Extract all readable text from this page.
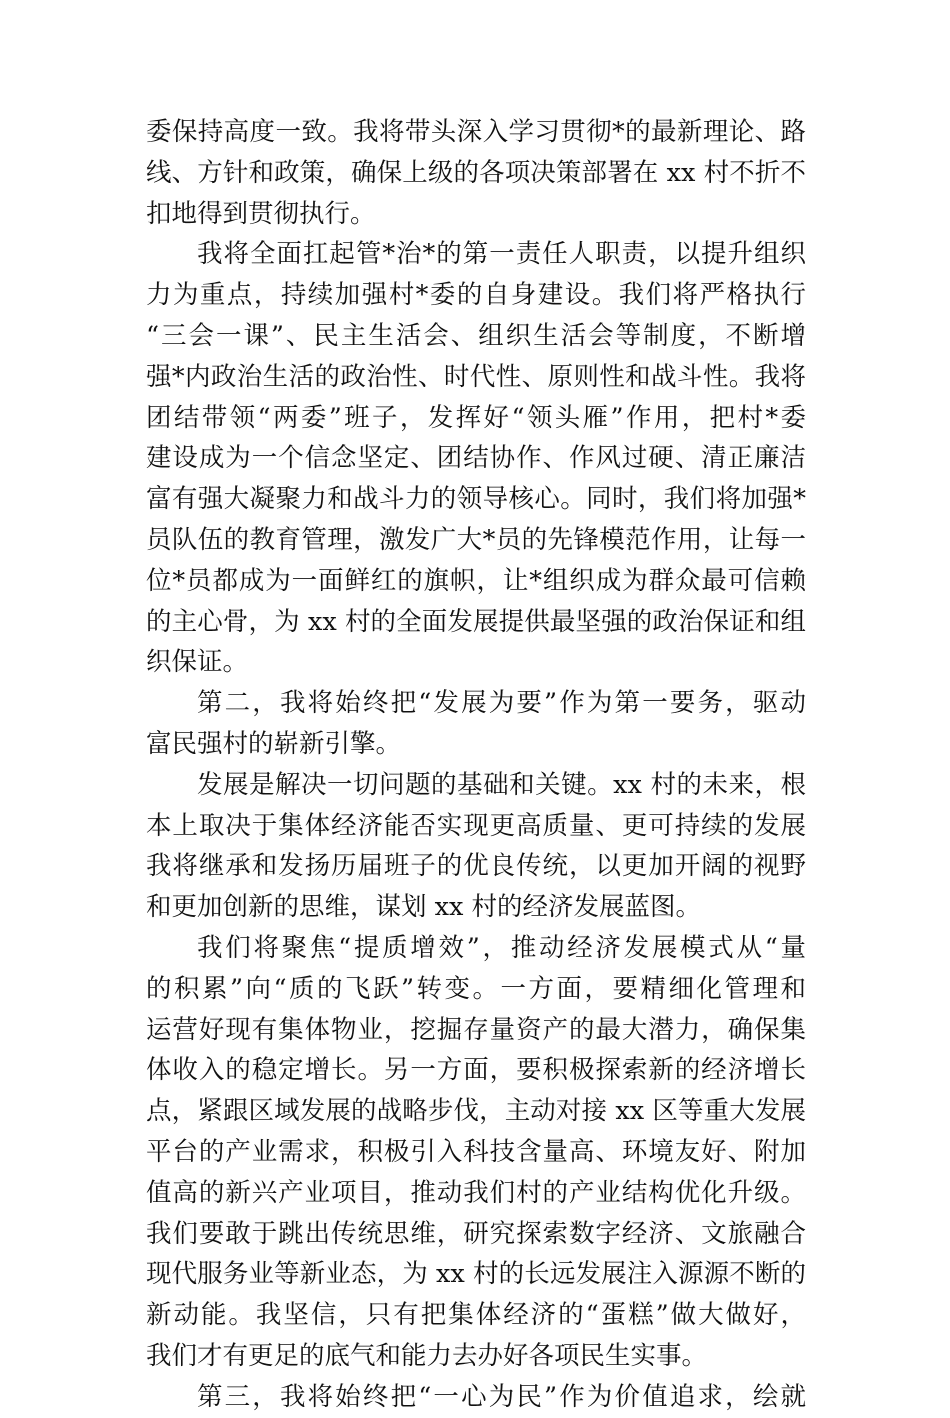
委保持高度一致。我将带头深入学习贯彻*的最新理论、路
线、方针和政策，确保上级的各项决策部署在 xx 村不折不
扣地得到贯彻执行。
我将全面扛起管*治*的第一责任人职责，以提升组织
力为重点，持续加强村*委的自身建设。我们将严格执行
“三会一课”、民主生活会、组织生活会等制度，不断增
强*内政治生活的政治性、时代性、原则性和战斗性。我将
团结带领“两委”班子，发挥好“领头雁”作用，把村*委
建设成为一个信念坚定、团结协作、作风过硬、清正廉洁
富有强大凝聚力和战斗力的领导核心。同时，我们将加强*
员队伍的教育管理，激发广大*员的先锋模范作用，让每一
位*员都成为一面鲜红的旗帜，让*组织成为群众最可信赖
的主心骨，为 xx 村的全面发展提供最坚强的政治保证和组
织保证。
第二，我将始终把“发展为要”作为第一要务，驱动
富民强村的崭新引擎。
发展是解决一切问题的基础和关键。xx 村的未来，根
本上取决于集体经济能否实现更高质量、更可持续的发展
我将继承和发扬历届班子的优良传统，以更加开阔的视野
和更加创新的思维，谋划 xx 村的经济发展蓝图。
我们将聚焦“提质增效”，推动经济发展模式从“量
的积累”向“质的飞跃”转变。一方面，要精细化管理和
运营好现有集体物业，挖掘存量资产的最大潜力，确保集
体收入的稳定增长。另一方面，要积极探索新的经济增长
点，紧跟区域发展的战略步伐，主动对接 xx 区等重大发展
平台的产业需求，积极引入科技含量高、环境友好、附加
值高的新兴产业项目，推动我们村的产业结构优化升级。
我们要敢于跳出传统思维，研究探索数字经济、文旅融合
现代服务业等新业态，为 xx 村的长远发展注入源源不断的
新动能。我坚信，只有把集体经济的“蛋糕”做大做好，
我们才有更足的底气和能力去办好各项民生实事。
第三，我将始终把“一心为民”作为价值追求，绘就
